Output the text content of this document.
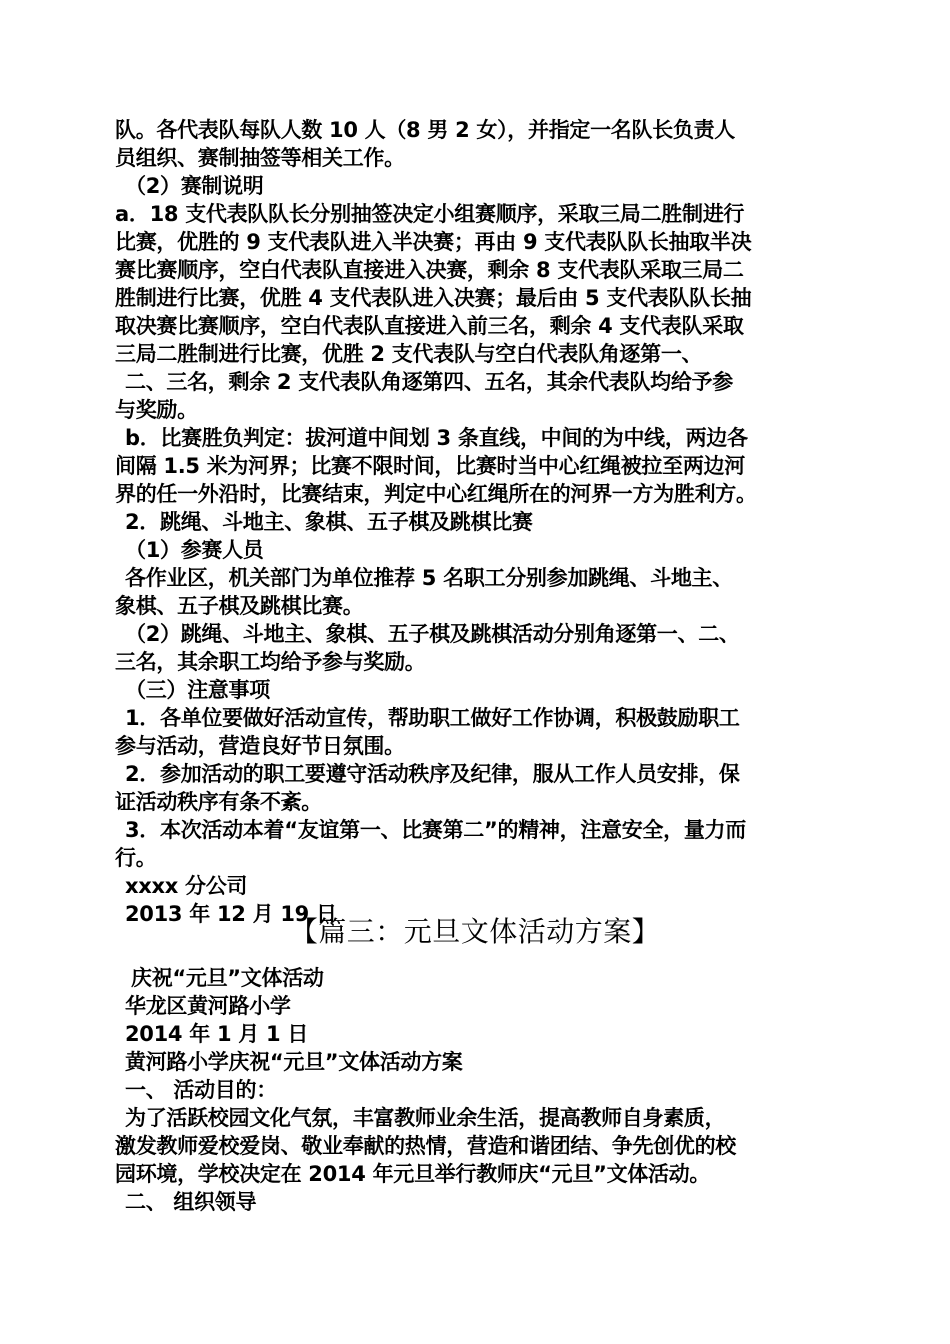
队。各代表队每队人数 10 人（8 男 2 女），并指定一名队长负责人
员组织、赛制抽签等相关工作。
（2）赛制说明
a．18 支代表队队长分别抽签决定小组赛顺序，采取三局二胜制进行
比赛，优胜的 9 支代表队进入半决赛；再由 9 支代表队队长抽取半决
赛比赛顺序，空白代表队直接进入决赛，剩余 8 支代表队采取三局二
胜制进行比赛，优胜 4 支代表队进入决赛；最后由 5 支代表队队长抽
取决赛比赛顺序，空白代表队直接进入前三名，剩余 4 支代表队采取
三局二胜制进行比赛，优胜 2 支代表队与空白代表队角逐第一、
二、三名，剩余 2 支代表队角逐第四、五名，其余代表队均给予参
与奖励。
b．比赛胜负判定：拔河道中间划 3 条直线，中间的为中线，两边各
间隔 1.5 米为河界；比赛不限时间，比赛时当中心红绳被拉至两边河
界的任一外沿时，比赛结束，判定中心红绳所在的河界一方为胜利方。
2．跳绳、斗地主、象棋、五子棋及跳棋比赛
（1）参赛人员
各作业区，机关部门为单位推荐 5 名职工分别参加跳绳、斗地主、
象棋、五子棋及跳棋比赛。
（2）跳绳、斗地主、象棋、五子棋及跳棋活动分别角逐第一、二、
三名，其余职工均给予参与奖励。
（三）注意事项
1．各单位要做好活动宣传，帮助职工做好工作协调，积极鼓励职工
参与活动，营造良好节日氛围。
2．参加活动的职工要遵守活动秩序及纪律，服从工作人员安排，保
证活动秩序有条不紊。
3．本次活动本着“友谊第一、比赛第二”的精神，注意安全，量力而
行。
xxxx 分公司
2013 年 12 月 19 日
【篇三：元旦文体活动方案】
庆祝“元旦”文体活动
华龙区黄河路小学
2014 年 1 月 1 日
黄河路小学庆祝“元旦”文体活动方案
一、 活动目的：
为了活跃校园文化气氛，丰富教师业余生活，提高教师自身素质，
激发教师爱校爱岗、敬业奉献的热情，营造和谐团结、争先创优的校
园环境，学校决定在 2014 年元旦举行教师庆“元旦”文体活动。
二、 组织领导
